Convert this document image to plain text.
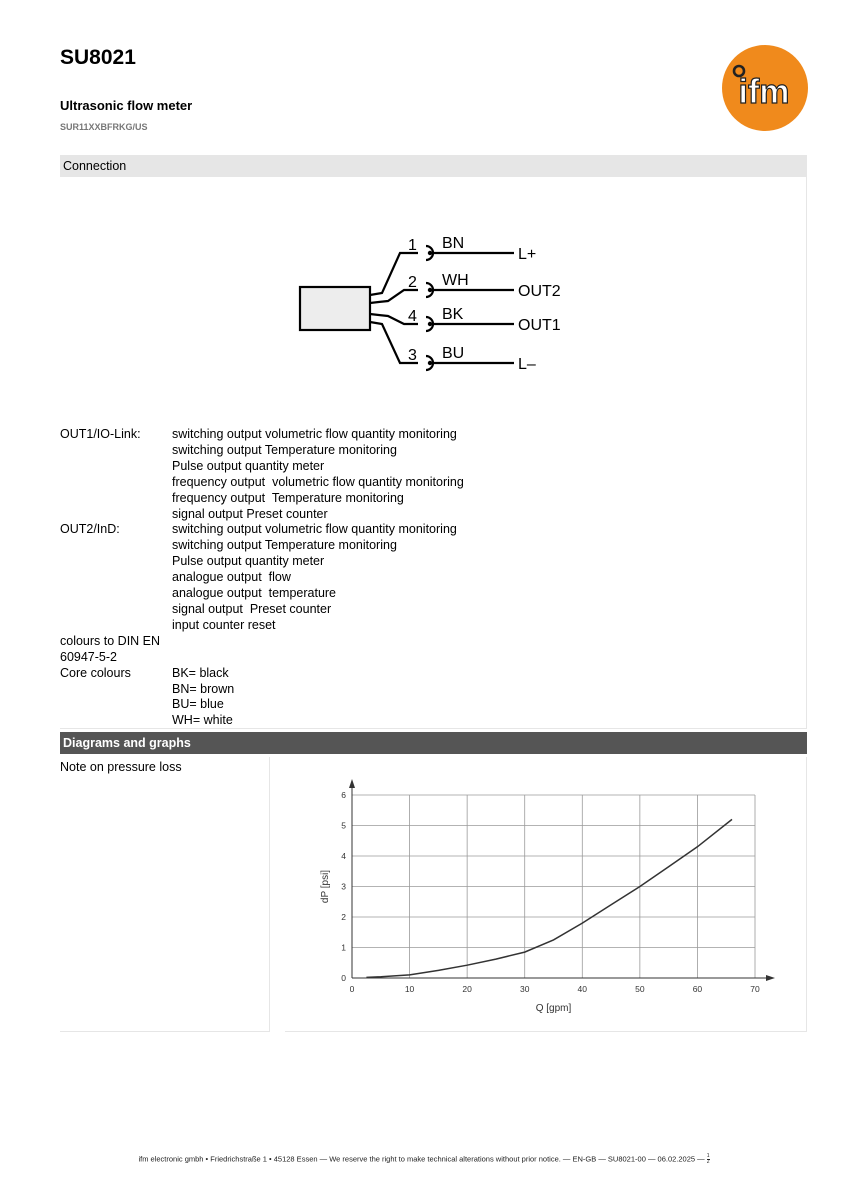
SU8021
Ultrasonic flow meter
SUR11XXBFRKG/US
ifm
Connection
1 BN
L+
2 WH
OUT2
4 BK
OUT1
3 BU
L–
OUT1/IO-Link:	switching output volumetric flow quantity monitoring
switching output Temperature monitoring
Pulse output quantity meter
frequency output  volumetric flow quantity monitoring
frequency output  Temperature monitoring
signal output Preset counter
OUT2/InD:	switching output volumetric flow quantity monitoring
switching output Temperature monitoring
Pulse output quantity meter
analogue output  flow
analogue output  temperature
signal output  Preset counter
input counter reset
colours to DIN EN
60947-5-2
Core colours	BK= black
BN= brown
BU= blue
WH= white
Diagrams and graphs
Note on pressure loss
0	10	20	30	40	50	60	70
0
1
2
3
4
5
6
Q [gpm]
dP [psi]
ifm electronic gmbh • Friedrichstraße 1 • 45128 Essen — We reserve the right to make technical alterations without prior notice. — EN-GB — SU8021-00 — 06.02.2025 — $\frac{1}{2}$
